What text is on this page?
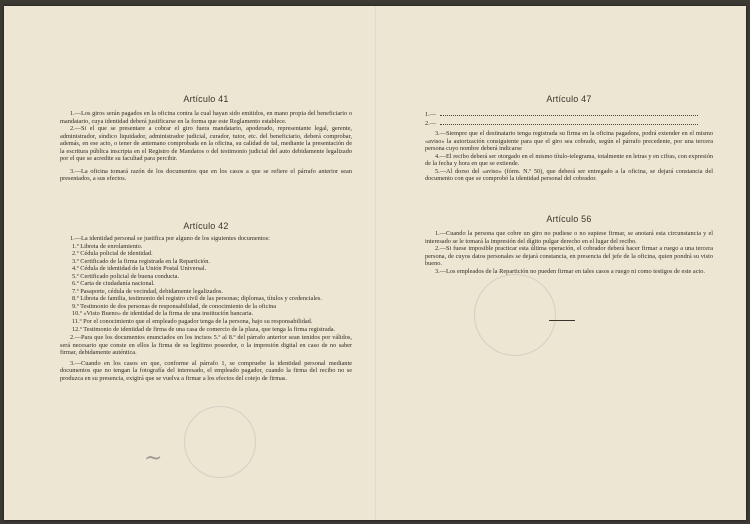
~
Artículo 41

1.—Los giros serán pagados en la oficina contra la cual hayan sido emitidos, en mano propia del beneficiario o mandatario, cuya identidad deberá justificarse en la forma que este Reglamento establece.

2.—Si el que se presentare a cobrar el giro fuera mandatario, apoderado, representante legal, gerente, administrador, síndico liquidador, administrador judicial, curador, tutor, etc. del beneficiario, deberá comprobar, además, en ese acto, o tener de antemano comprobada en la oficina, su calidad de tal, mediante la presentación de la escritura pública inscripta en el Registro de Mandatos o del testimonio judicial del auto debidamente legalizado por el que se acredite su facultad para percibir.

3.—La oficina tomará razón de los documentos que en los casos a que se refiere el párrafo anterior sean presentados, a sus efectos.

Artículo 42

1.—La identidad personal se justifica por alguno de los siguientes documentos:

1.º Libreta de enrolamiento.
2.º Cédula policial de identidad.
3.º Certificado de la firma registrada en la Repartición.
4.º Cédula de identidad de la Unión Postal Universal.
5.º Certificado policial de buena conducta.
6.º Carta de ciudadanía nacional.
7.º Pasaporte, cédula de vecindad, debidamente legalizados.
8.º Libreta de familia, testimonio del registro civil de las personas; diplomas, títulos y credenciales.
9.º Testimonio de dos personas de responsabilidad, de conocimiento de la oficina
10.º «Visto Bueno» de identidad de la firma de una institución bancaria.
11.º Por el conocimiento que el empleado pagador tenga de la persona, bajo su responsabilidad.
12.º Testimonio de identidad de firma de una casa de comercio de la plaza, que tenga la firma registrada.

2.—Para que los documentos enunciados en los incisos 5.º al 8.º del párrafo anterior sean tenidos por válidos, será necesario que conste en ellos la firma de su legítimo poseedor, o la impresión digital en caso de no saber firmar, debidamente auténtica.

3.—Cuando en los casos en que, conforme al párrafo 1, se compruebe la identidad personal mediante documentos que no tengan la fotografía del interesado, el empleado pagador, cuando la firma del recibo no se produzca en su presencia, exigirá que se vuelva a firmar a los efectos del cotejo de firmas.

Artículo 47
1.—
2.—

3.—Siempre que el destinatario tenga registrada su firma en la oficina pagadora, podrá extender en el mismo «aviso» la autorización consiguiente para que el giro sea cobrado, según el párrafo precedente, por una tercera persona cuyo nombre deberá indicarse

4.—El recibo deberá ser otorgado en el mismo título-telegrama, totalmente en letras y en cifras, con expresión de la fecha y hora en que se extiende.

5.—Al dorso del «aviso» (fórm. N.º 50), que deberá ser entregado a la oficina, se dejará constancia del documento con que se comprobó la identidad personal del cobrador.

Artículo 56

1.—Cuando la persona que cobre un giro no pudiese o no supiese firmar, se anotará esta circunstancia y el interesado se le tomará la impresión del dígito pulgar derecho en el lugar del recibo.

2.—Si fuese imposible practicar esta última operación, el cobrador deberá hacer firmar a ruego a una tercera persona, de cuyos datos personales se dejará constancia, en presencia del jefe de la oficina, quien pondrá su visto bueno.

3.—Los empleados de la Repartición no pueden firmar en tales casos a ruego ni como testigos de este acto.
